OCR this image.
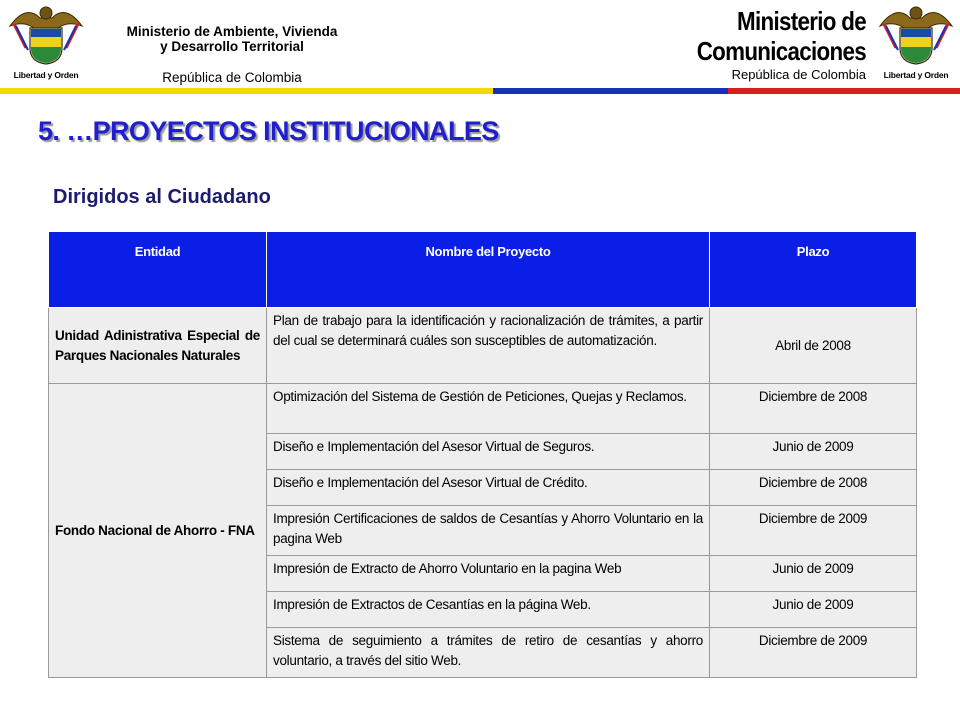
Libertad y Orden
Ministerio de Ambiente, Vivienda
y Desarrollo Territorial
República de Colombia
Ministerio de
Comunicaciones
República de Colombia	Libertad y Orden
5. …PROYECTOS INSTITUCIONALES
Dirigidos al Ciudadano
Entidad	Nombre del Proyecto	Plazo
Unidad Adinistrativa Especial de Parques Nacionales Naturales	Plan de trabajo para la identificación y racionalización de trámites, a partir del cual se determinará cuáles son susceptibles de automatización.	Abril de 2008
Fondo Nacional de Ahorro - FNA	Optimización del Sistema de Gestión de Peticiones, Quejas y Reclamos.	Diciembre de 2008
	Diseño e Implementación del Asesor Virtual de Seguros.	Junio de 2009
	Diseño e Implementación del Asesor Virtual de Crédito.	Diciembre de 2008
	Impresión Certificaciones de saldos de Cesantías y Ahorro Voluntario en la pagina Web	Diciembre de 2009
	Impresión de Extracto de Ahorro Voluntario en la pagina Web	Junio de 2009
	Impresión de Extractos de Cesantías en la página Web.	Junio de 2009
	Sistema de seguimiento a trámites de retiro de cesantías y ahorro voluntario, a través del sitio Web.	Diciembre de 2009
